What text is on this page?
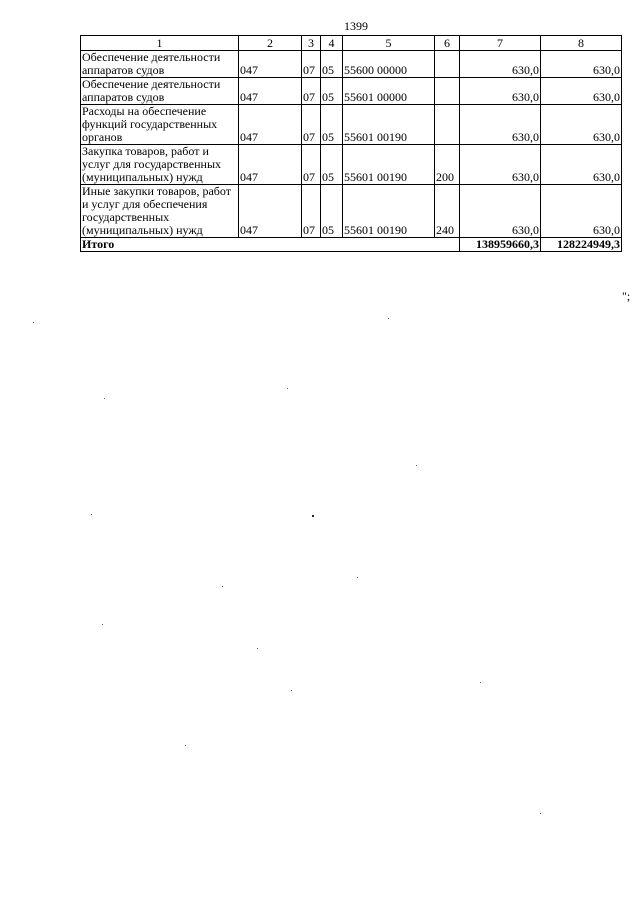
1399
1	2	3	4	5	6	7	8
Обеспечение деятельности аппаратов судов	047	07	05	55600 00000		630,0	630,0
Обеспечение деятельности аппаратов судов	047	07	05	55601 00000		630,0	630,0
Расходы на обеспечение функций государственных органов	047	07	05	55601 00190		630,0	630,0
Закупка товаров, работ и услуг для государственных (муниципальных) нужд	047	07	05	55601 00190	200	630,0	630,0
Иные закупки товаров, работ и услуг для обеспечения государственных (муниципальных) нужд	047	07	05	55601 00190	240	630,0	630,0
Итого						138959660,3	128224949,3
";
